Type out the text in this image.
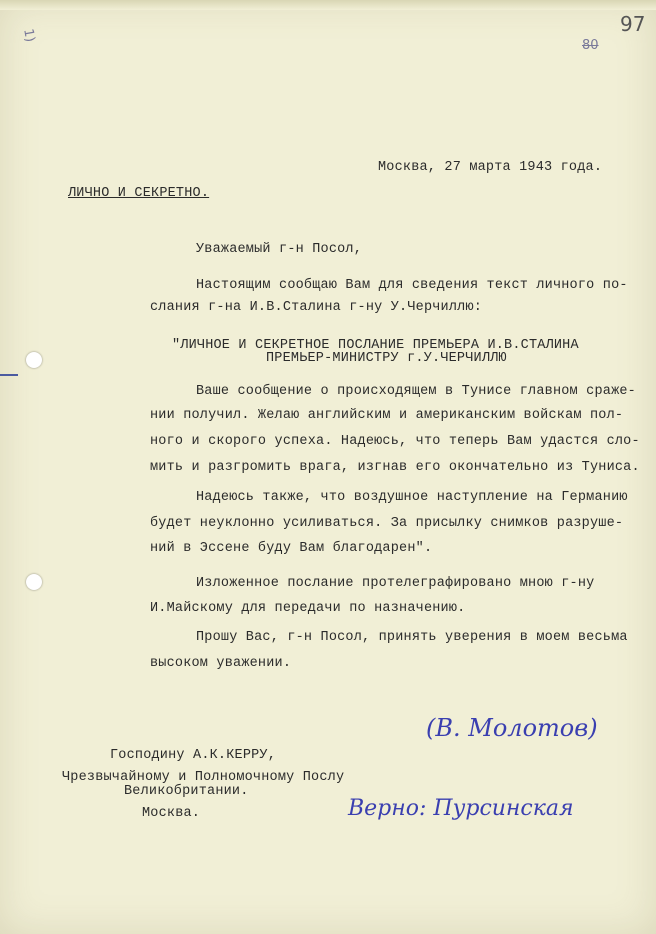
1)	97
80
Москва, 27 марта 1943 года.
ЛИЧНО И СЕКРЕТНО.
Уважаемый г-н Посол,
Настоящим сообщаю Вам для сведения текст личного по-
слания г-на И.В.Сталина г-ну У.Черчиллю:
"ЛИЧНОЕ И СЕКРЕТНОЕ ПОСЛАНИЕ ПРЕМЬЕРА И.В.СТАЛИНА
ПРЕМЬЕР-МИНИСТРУ г.У.ЧЕРЧИЛЛЮ
Ваше сообщение о происходящем в Тунисе главном сраже-
нии получил. Желаю английским и американским войскам пол-
ного и скорого успеха. Надеюсь, что теперь Вам удастся сло-
мить и разгромить врага, изгнав его окончательно из Туниса.
Надеюсь также, что воздушное наступление на Германию
будет неуклонно усиливаться. За присылку снимков разруше-
ний в Эссене буду Вам благодарен".
Изложенное послание протелеграфировано мною г-ну
И.Майскому для передачи по назначению.
Прошу Вас, г-н Посол, принять уверения в моем весьма
высоком уважении.
(В. Молотов)
Господину А.К.КЕРРУ,
Чрезвычайному и Полномочному Послу
Великобритании.
Москва.	Верно: Пурсинская
